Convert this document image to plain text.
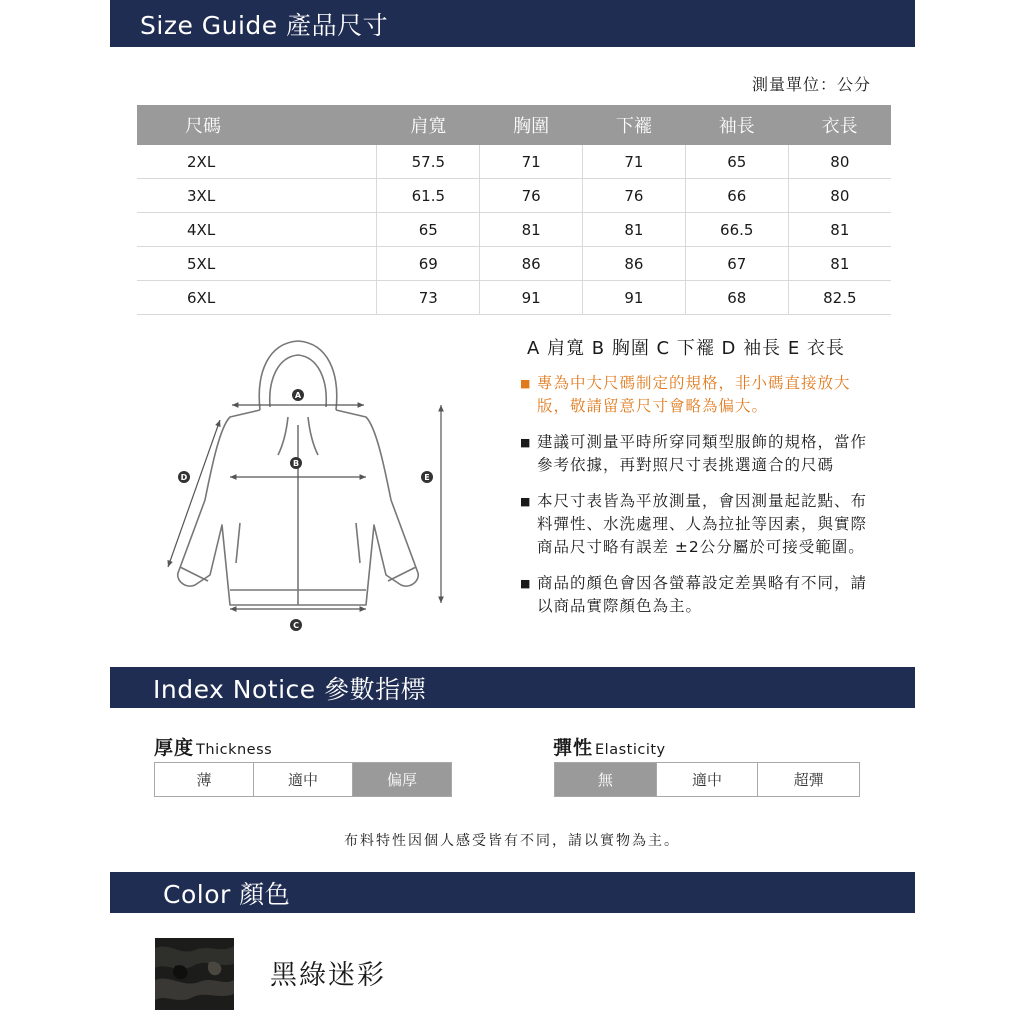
Size Guide 產品尺寸
測量單位：公分
尺碼	肩寬	胸圍	下襬	袖長	衣長
2XL	57.5	71	71	65	80
3XL	61.5	76	76	66	80
4XL	65	81	81	66.5	81
5XL	69	86	86	67	81
6XL	73	91	91	68	82.5
A
B
C
D	E
A 肩寬 B 胸圍 C 下襬 D 袖長 E 衣長
■ 專為中大尺碼制定的規格，非小碼直接放大版，敬請留意尺寸會略為偏大。
■ 建議可測量平時所穿同類型服飾的規格，當作參考依據，再對照尺寸表挑選適合的尺碼
■ 本尺寸表皆為平放測量，會因測量起訖點、布料彈性、水洗處理、人為拉扯等因素，與實際商品尺寸略有誤差 ±2公分屬於可接受範圍。
■ 商品的顏色會因各螢幕設定差異略有不同，請以商品實際顏色為主。
Index Notice 參數指標
厚度 Thickness
薄	適中	偏厚
彈性 Elasticity
無	適中	超彈
布料特性因個人感受皆有不同，請以實物為主。
Color 顏色
黑綠迷彩
